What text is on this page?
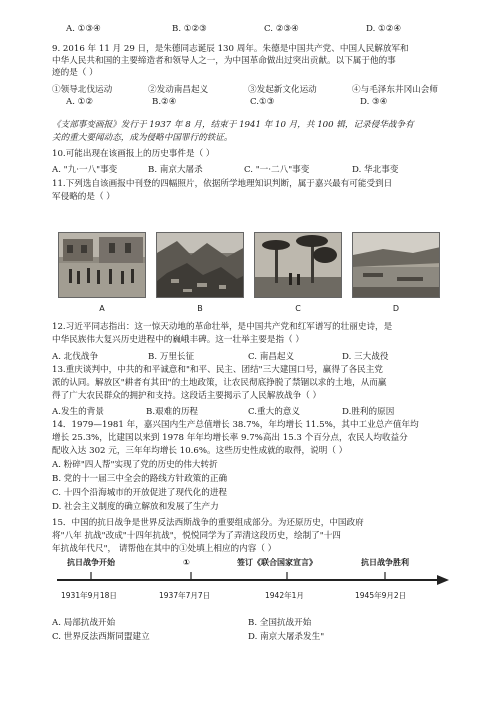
A. ①③④	B. ①②③	C. ②③④	D. ①②④
9. 2016 年 11 月 29 日，是朱德同志诞辰 130 周年。朱德是中国共产党、中国人民解放军和
中华人民共和国的主要缔造者和领导人之一，为中国革命做出过突出贡献。以下属于他的事
迹的是（ ）
①领导北伐运动	②发动南昌起义	③发起新文化运动	④与毛泽东井冈山会师
A. ①②	B.②④	C.①③	D. ③④
《支部事变画报》发行于 1937 年 8 月，结束于 1941 年 10 月，共 100 辑，记录侵华战争有
关的重大要闻动态，成为侵略中国罪行的铁证。
10.可能出现在该画报上的历史事件是（ ）
A. "九·一八"事变	B. 南京大屠杀	C. "一·二八"事变	D. 华北事变
11.下列选自该画报中刊登的四幅照片，依据所学地理知识判断，属于嘉兴最有可能受到日
军侵略的是（ ）
A	B	C	D
12.习近平同志指出：这一惊天动地的革命壮举，是中国共产党和红军谱写的壮丽史诗，是
中华民族伟大复兴历史进程中的巍峨丰碑。这一壮举主要是指（ ）
A. 北伐战争	B. 万里长征	C. 南昌起义	D. 三大战役
13.重庆谈判中，中共的和平诚意和"和平、民主、团结"三大建国口号，赢得了各民主党
派的认同。解放区"耕者有其田"的土地政策，让农民彻底挣脱了禁锢以求的土地，从而赢
得了广大农民群众的拥护和支持。这段话主要揭示了人民解放战争（ ）
A.发生的背景	B.艰难的历程	C.重大的意义	D.胜利的原因
14．1979—1981 年，嘉兴国内生产总值增长 38.7%，年均增长 11.5%，其中工业总产值年均
增长 25.3%，比建国以来到 1978 年年均增长率 9.7%高出 15.3 个百分点，农民人均收益分
配收入达 302 元，三年年均增长 10.6%。这些历史性成就的取得，说明（ ）
A. 粉碎"四人帮"实现了党的历史的伟大转折
B. 党的十一届三中全会的路线方针政策的正确
C. 十四个沿海城市的开放促进了现代化的进程
D. 社会主义制度的确立解放和发展了生产力
15．中国的抗日战争是世界反法西斯战争的重要组成部分。为还原历史，中国政府
将"八年 抗战"改成"十四年抗战"，悦悦同学为了弄清这段历史，绘制了"十四
年抗战年代尺"， 请帮他在其中的①处填上相应的内容（ ）
抗日战争开始	①	签订《联合国家宣言》	抗日战争胜利
1931年9月18日	1937年7月7日	1942年1月	1945年9月2日
A. 局部抗战开始	B. 全国抗战开始
C. 世界反法西斯同盟建立	D. 南京大屠杀发生"
